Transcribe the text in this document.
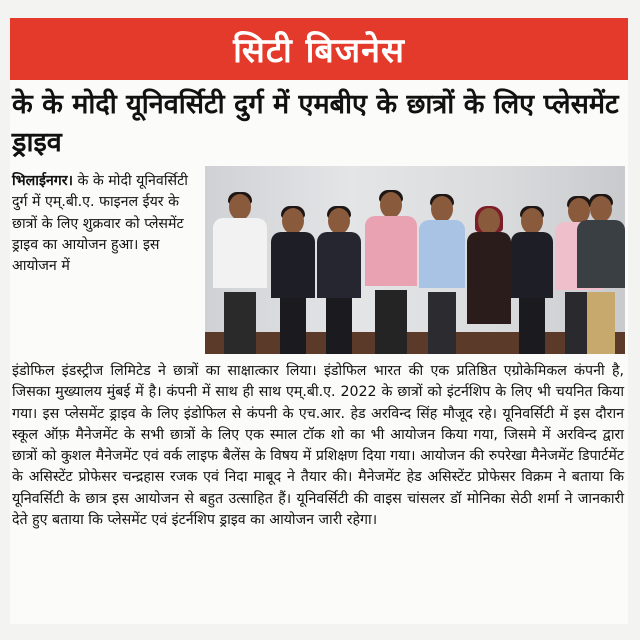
सिटी बिजनेस
के के मोदी यूनिवर्सिटी दुर्ग में एमबीए के छात्रों के लिए प्लेसमेंट ड्राइव
भिलाईनगर। के के मोदी यूनिवर्सिटी दुर्ग में एम्.बी.ए. फाइनल ईयर के छात्रों के लिए शुक्रवार को प्लेसमेंट ड्राइव का आयोजन हुआ। इस आयोजन में

इंडोफिल इंडस्ट्रीज लिमिटेड ने छात्रों का साक्षात्कार लिया। इंडोफिल भारत की एक प्रतिष्ठित एग्रोकेमिकल कंपनी है, जिसका मुख्यालय मुंबई में है। कंपनी में साथ ही साथ एम्.बी.ए. 2022 के छात्रों को इंटर्नशिप के लिए भी चयनित किया गया। इस प्लेसमेंट ड्राइव के लिए इंडोफिल से कंपनी के एच.आर. हेड अरविन्द सिंह मौजूद रहे। यूनिवर्सिटी में इस दौरान स्कूल ऑफ़ मैनेजमेंट के सभी छात्रों के लिए एक स्माल टॉक शो का भी आयोजन किया गया, जिसमे में अरविन्द द्वारा छात्रों को कुशल मैनेजमेंट एवं वर्क लाइफ बैलेंस के विषय में प्रशिक्षण दिया गया। आयोजन की रुपरेखा मैनेजमेंट डिपार्टमेंट के असिस्टेंट प्रोफेसर चन्द्रहास रजक एवं निदा माबूद ने तैयार की। मैनेजमेंट हेड असिस्टेंट प्रोफेसर विक्रम ने बताया कि यूनिवर्सिटी के छात्र इस आयोजन से बहुत उत्साहित हैं। यूनिवर्सिटी की वाइस चांसलर डॉ मोनिका सेठी शर्मा ने जानकारी देते हुए बताया कि प्लेसमेंट एवं इंटर्नशिप ड्राइव का आयोजन जारी रहेगा।
